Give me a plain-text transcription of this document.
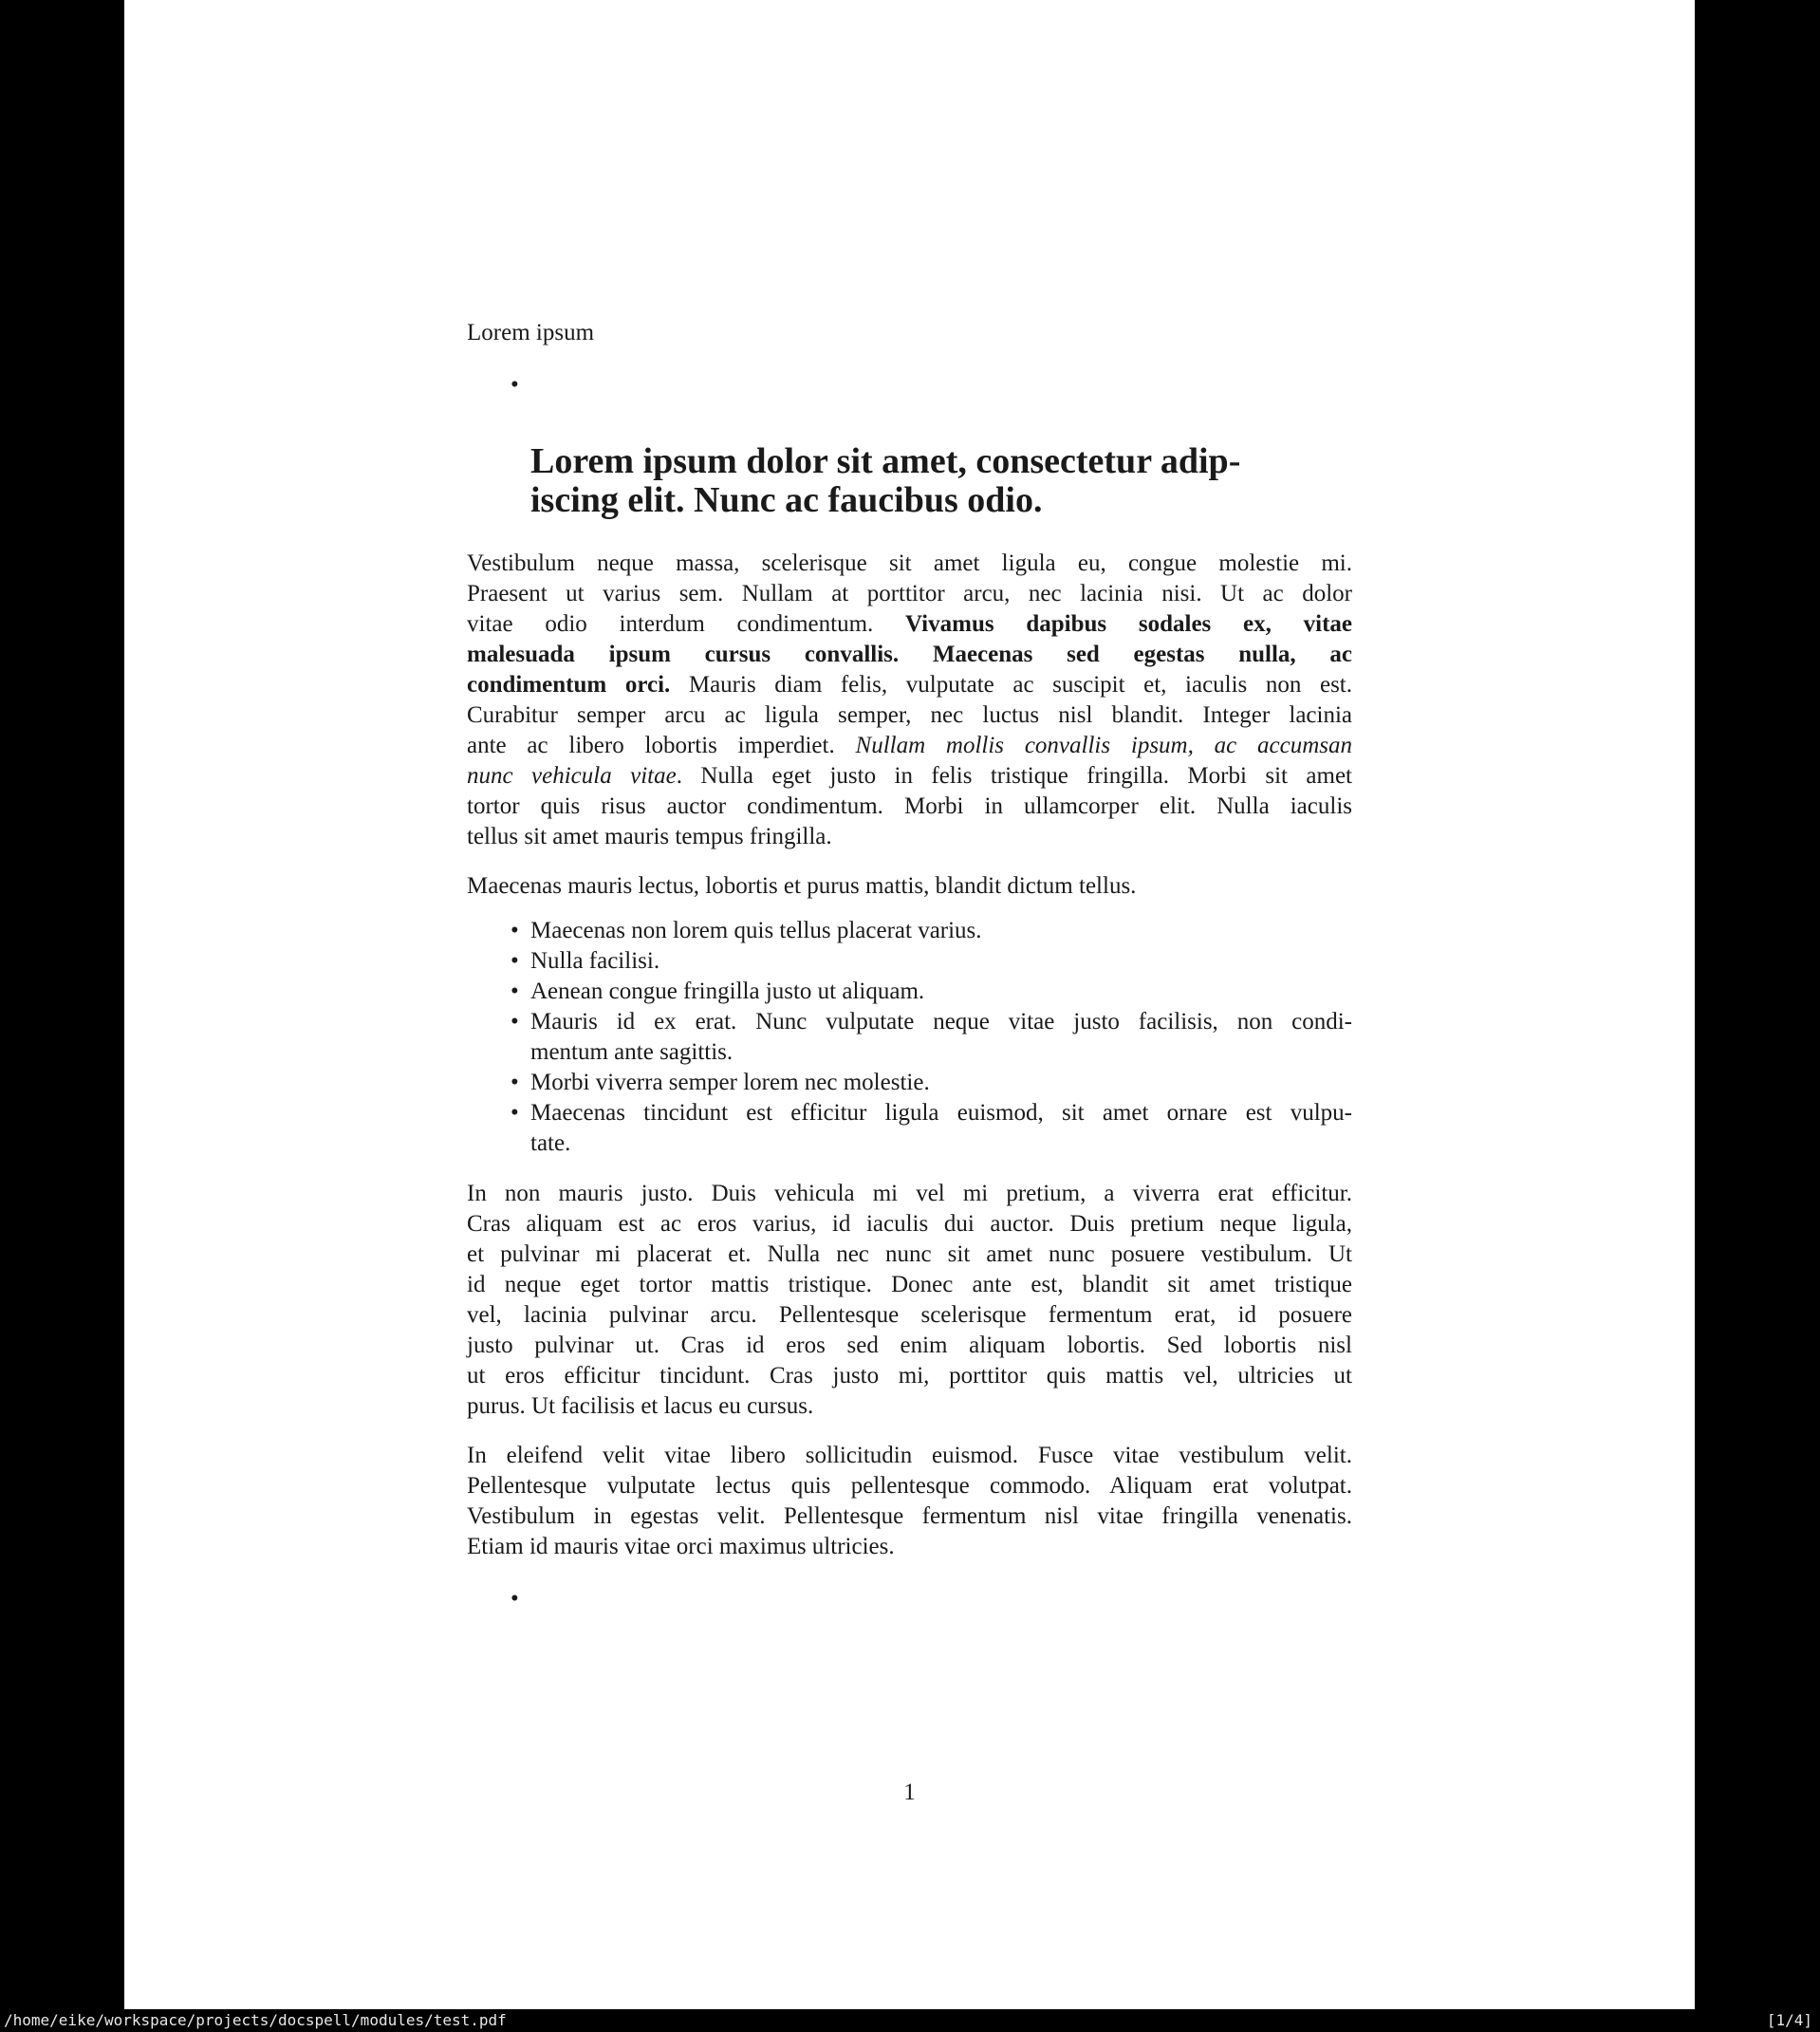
Lorem ipsum
•
Lorem ipsum dolor sit amet, consectetur adip-
iscing elit. Nunc ac faucibus odio.
Vestibulum neque massa, scelerisque sit amet ligula eu, congue molestie mi.
Praesent ut varius sem. Nullam at porttitor arcu, nec lacinia nisi. Ut ac dolor
vitae odio interdum condimentum. Vivamus dapibus sodales ex, vitae
malesuada ipsum cursus convallis. Maecenas sed egestas nulla, ac
condimentum orci. Mauris diam felis, vulputate ac suscipit et, iaculis non est.
Curabitur semper arcu ac ligula semper, nec luctus nisl blandit. Integer lacinia
ante ac libero lobortis imperdiet. Nullam mollis convallis ipsum, ac accumsan
nunc vehicula vitae. Nulla eget justo in felis tristique fringilla. Morbi sit amet
tortor quis risus auctor condimentum. Morbi in ullamcorper elit. Nulla iaculis
tellus sit amet mauris tempus fringilla.
Maecenas mauris lectus, lobortis et purus mattis, blandit dictum tellus.
• Maecenas non lorem quis tellus placerat varius.
• Nulla facilisi.
• Aenean congue fringilla justo ut aliquam.
• Mauris id ex erat. Nunc vulputate neque vitae justo facilisis, non condi-
mentum ante sagittis.
• Morbi viverra semper lorem nec molestie.
• Maecenas tincidunt est efficitur ligula euismod, sit amet ornare est vulpu-
tate.
In non mauris justo. Duis vehicula mi vel mi pretium, a viverra erat efficitur.
Cras aliquam est ac eros varius, id iaculis dui auctor. Duis pretium neque ligula,
et pulvinar mi placerat et. Nulla nec nunc sit amet nunc posuere vestibulum. Ut
id neque eget tortor mattis tristique. Donec ante est, blandit sit amet tristique
vel, lacinia pulvinar arcu. Pellentesque scelerisque fermentum erat, id posuere
justo pulvinar ut. Cras id eros sed enim aliquam lobortis. Sed lobortis nisl
ut eros efficitur tincidunt. Cras justo mi, porttitor quis mattis vel, ultricies ut
purus. Ut facilisis et lacus eu cursus.
In eleifend velit vitae libero sollicitudin euismod. Fusce vitae vestibulum velit.
Pellentesque vulputate lectus quis pellentesque commodo. Aliquam erat volutpat.
Vestibulum in egestas velit. Pellentesque fermentum nisl vitae fringilla venenatis.
Etiam id mauris vitae orci maximus ultricies.
•
1
/home/eike/workspace/projects/docspell/modules/test.pdf	[1/4]
